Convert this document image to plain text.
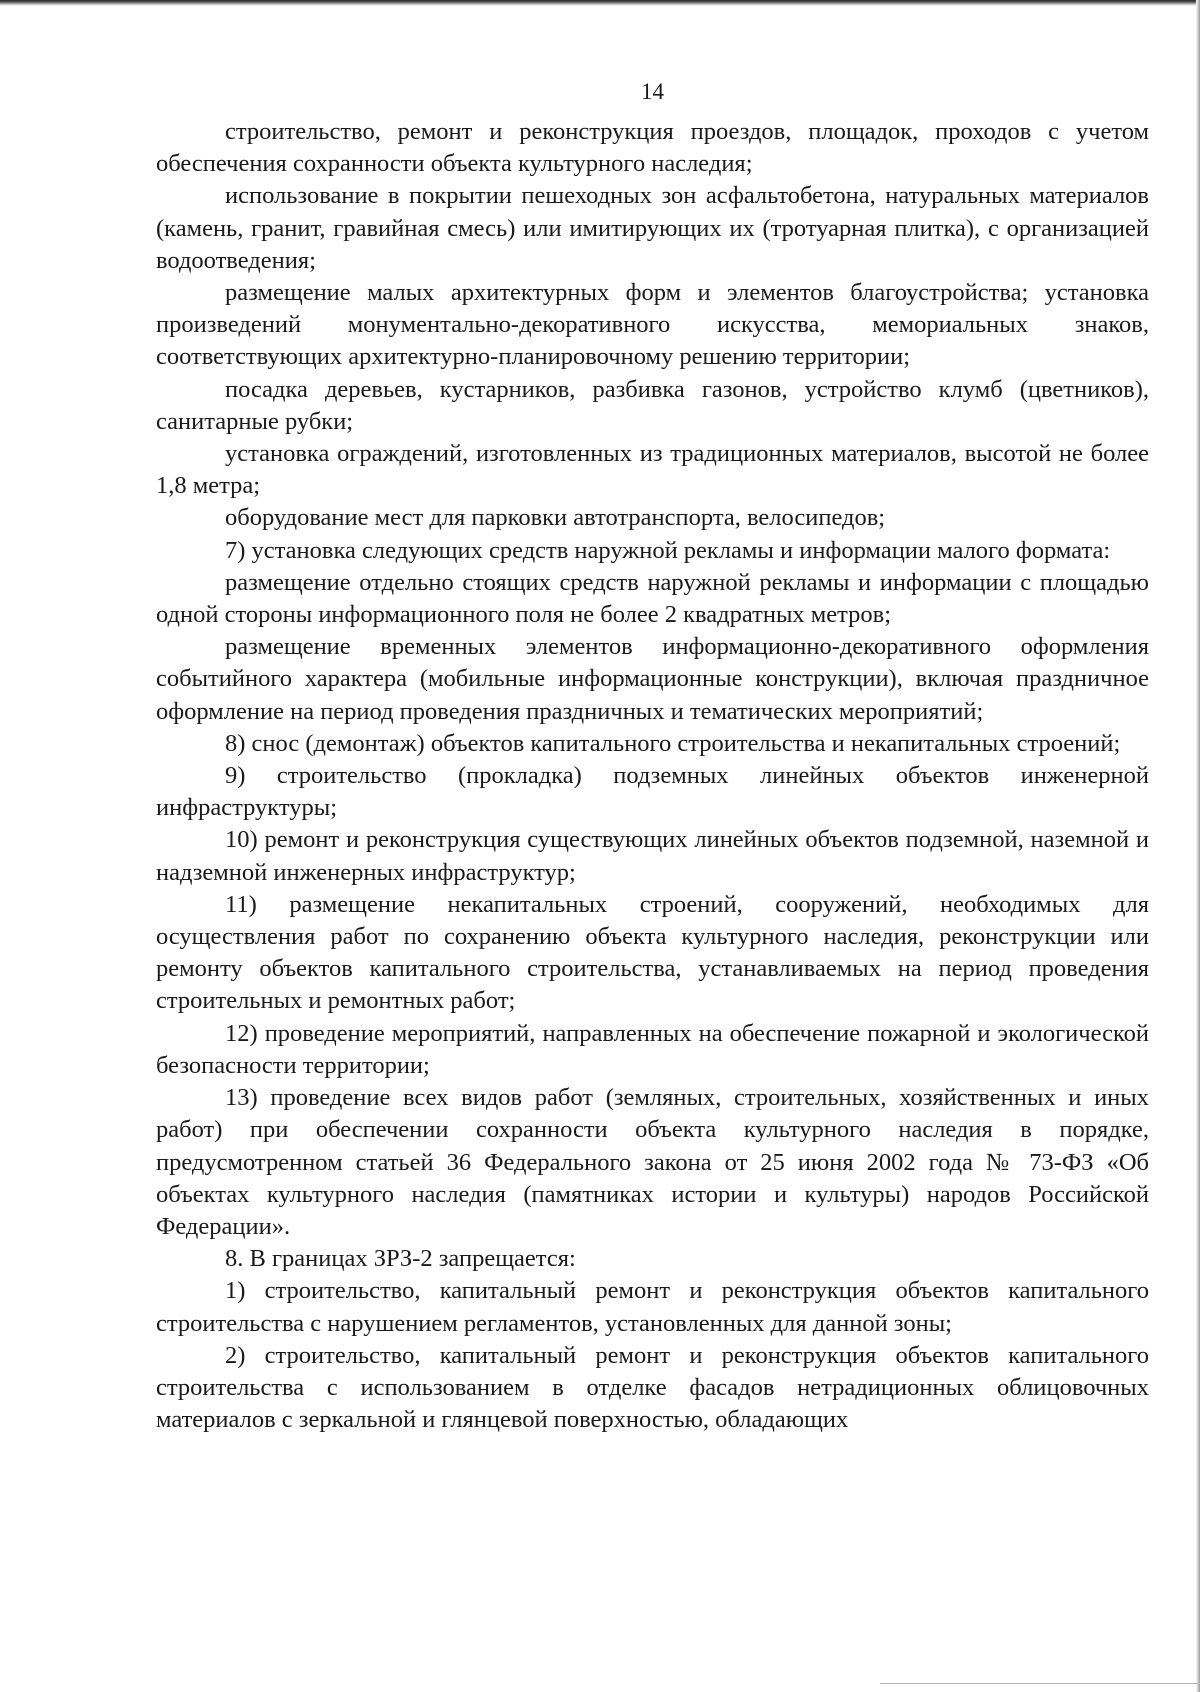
14

строительство, ремонт и реконструкция проездов, площадок, проходов с учетом обеспечения сохранности объекта культурного наследия;

использование в покрытии пешеходных зон асфальтобетона, натуральных материалов (камень, гранит, гравийная смесь) или имитирующих их (тротуарная плитка), с организацией водоотведения;

размещение малых архитектурных форм и элементов благоустройства; установка произведений монументально-декоративного искусства, мемориальных знаков, соответствующих архитектурно-планировочному решению территории;

посадка деревьев, кустарников, разбивка газонов, устройство клумб (цветников), санитарные рубки;

установка ограждений, изготовленных из традиционных материалов, высотой не более 1,8 метра;

оборудование мест для парковки автотранспорта, велосипедов;

7) установка следующих средств наружной рекламы и информации малого формата:

размещение отдельно стоящих средств наружной рекламы и информации с площадью одной стороны информационного поля не более 2 квадратных метров;

размещение временных элементов информационно-декоративного оформления событийного характера (мобильные информационные конструкции), включая праздничное оформление на период проведения праздничных и тематических мероприятий;

8) снос (демонтаж) объектов капитального строительства и некапитальных строений;

9) строительство (прокладка) подземных линейных объектов инженерной инфраструктуры;

10) ремонт и реконструкция существующих линейных объектов подземной, наземной и надземной инженерных инфраструктур;

11) размещение некапитальных строений, сооружений, необходимых для осуществления работ по сохранению объекта культурного наследия, реконструкции или ремонту объектов капитального строительства, устанавливаемых на период проведения строительных и ремонтных работ;

12) проведение мероприятий, направленных на обеспечение пожарной и экологической безопасности территории;

13) проведение всех видов работ (земляных, строительных, хозяйственных и иных работ) при обеспечении сохранности объекта культурного наследия в порядке, предусмотренном статьей 36 Федерального закона от 25 июня 2002 года № 73-ФЗ «Об объектах культурного наследия (памятниках истории и культуры) народов Российской Федерации».

8. В границах ЗРЗ-2 запрещается:

1) строительство, капитальный ремонт и реконструкция объектов капитального строительства с нарушением регламентов, установленных для данной зоны;

2) строительство, капитальный ремонт и реконструкция объектов капитального строительства с использованием в отделке фасадов нетрадиционных облицовочных материалов с зеркальной и глянцевой поверхностью, обладающих
